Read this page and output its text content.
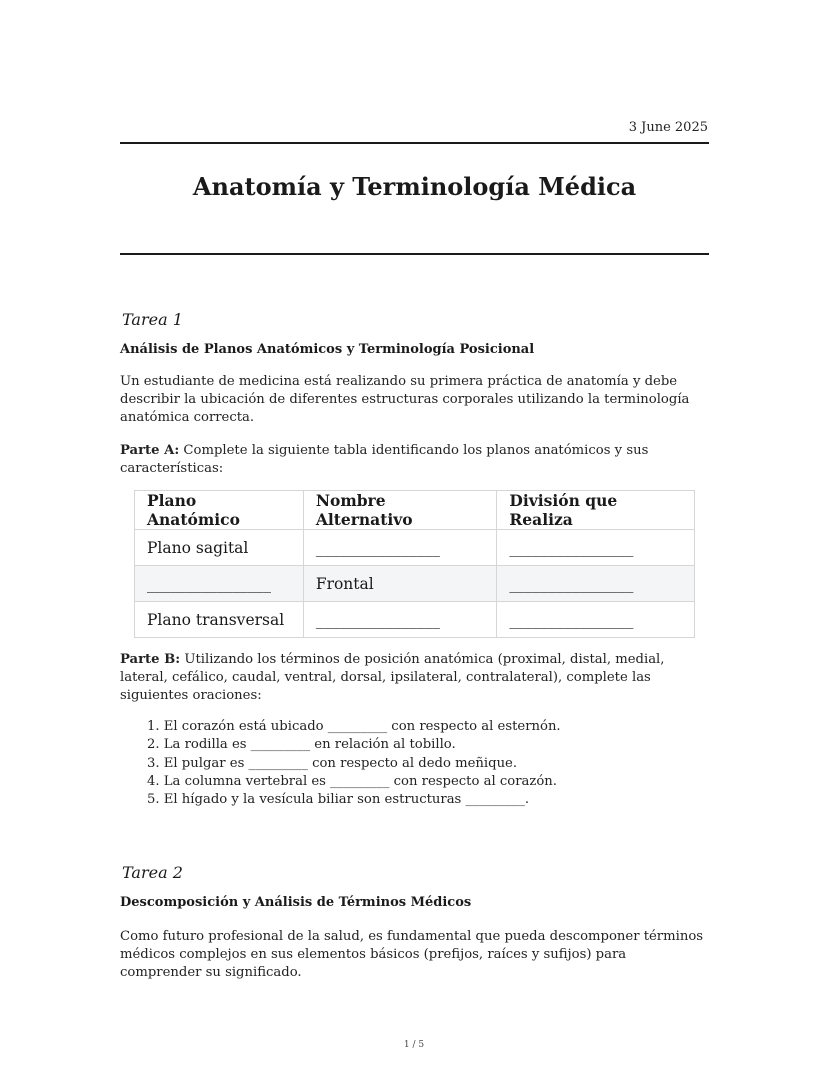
3 June 2025
Anatomía y Terminología Médica
Tarea 1
Análisis de Planos Anatómicos y Terminología Posicional
Un estudiante de medicina está realizando su primera práctica de anatomía y debe describir la ubicación de diferentes estructuras corporales utilizando la terminología anatómica correcta.
Parte A: Complete la siguiente tabla identificando los planos anatómicos y sus características:
Plano Anatómico	Nombre Alternativo	División que Realiza
Plano sagital	________________	________________
________________	Frontal	________________
Plano transversal	________________	________________
Parte B: Utilizando los términos de posición anatómica (proximal, distal, medial, lateral, cefálico, caudal, ventral, dorsal, ipsilateral, contralateral), complete las siguientes oraciones:
1. El corazón está ubicado _________ con respecto al esternón.
2. La rodilla es _________ en relación al tobillo.
3. El pulgar es _________ con respecto al dedo meñique.
4. La columna vertebral es _________ con respecto al corazón.
5. El hígado y la vesícula biliar son estructuras _________.
Tarea 2
Descomposición y Análisis de Términos Médicos
Como futuro profesional de la salud, es fundamental que pueda descomponer términos médicos complejos en sus elementos básicos (prefijos, raíces y sufijos) para comprender su significado.
1 / 5
